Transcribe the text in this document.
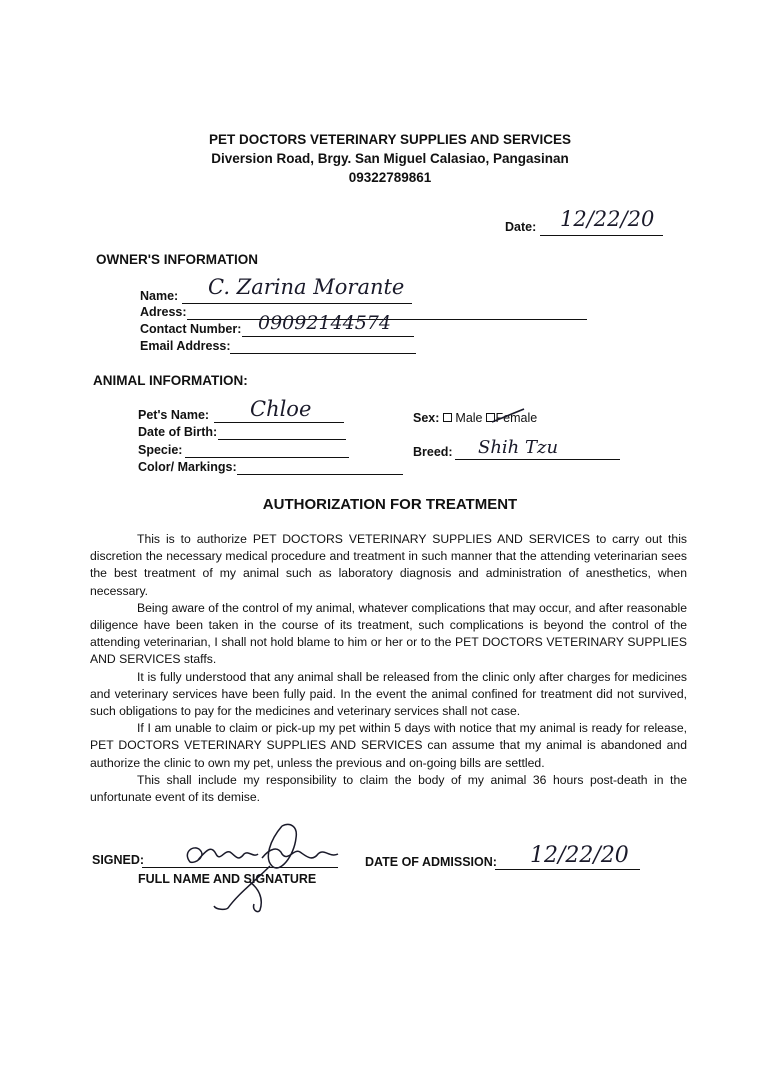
PET DOCTORS VETERINARY SUPPLIES AND SERVICES
Diversion Road, Brgy. San Miguel Calasiao, Pangasinan
09322789861
Date: 12/22/20
OWNER'S INFORMATION
Name: C. Zarina Morante
Adress:
Contact Number: 09092144574
Email Address:
ANIMAL INFORMATION:
Pet's Name: Chloe
Date of Birth:
Specie:
Color/ Markings:
Sex: Male Female
Breed: Shih Tzu
AUTHORIZATION FOR TREATMENT

This is to authorize PET DOCTORS VETERINARY SUPPLIES AND SERVICES to carry out this discretion the necessary medical procedure and treatment in such manner that the attending veterinarian sees the best treatment of my animal such as laboratory diagnosis and administration of anesthetics, when necessary.

Being aware of the control of my animal, whatever complications that may occur, and after reasonable diligence have been taken in the course of its treatment, such complications is beyond the control of the attending veterinarian, I shall not hold blame to him or her or to the PET DOCTORS VETERINARY SUPPLIES AND SERVICES staffs.

It is fully understood that any animal shall be released from the clinic only after charges for medicines and veterinary services have been fully paid. In the event the animal confined for treatment did not survived, such obligations to pay for the medicines and veterinary services shall not case.

If I am unable to claim or pick-up my pet within 5 days with notice that my animal is ready for release, PET DOCTORS VETERINARY SUPPLIES AND SERVICES can assume that my animal is abandoned and authorize the clinic to own my pet, unless the previous and on-going bills are settled.

This shall include my responsibility to claim the body of my animal 36 hours post-death in the unfortunate event of its demise.

SIGNED:
FULL NAME AND SIGNATURE
DATE OF ADMISSION: 12/22/20
